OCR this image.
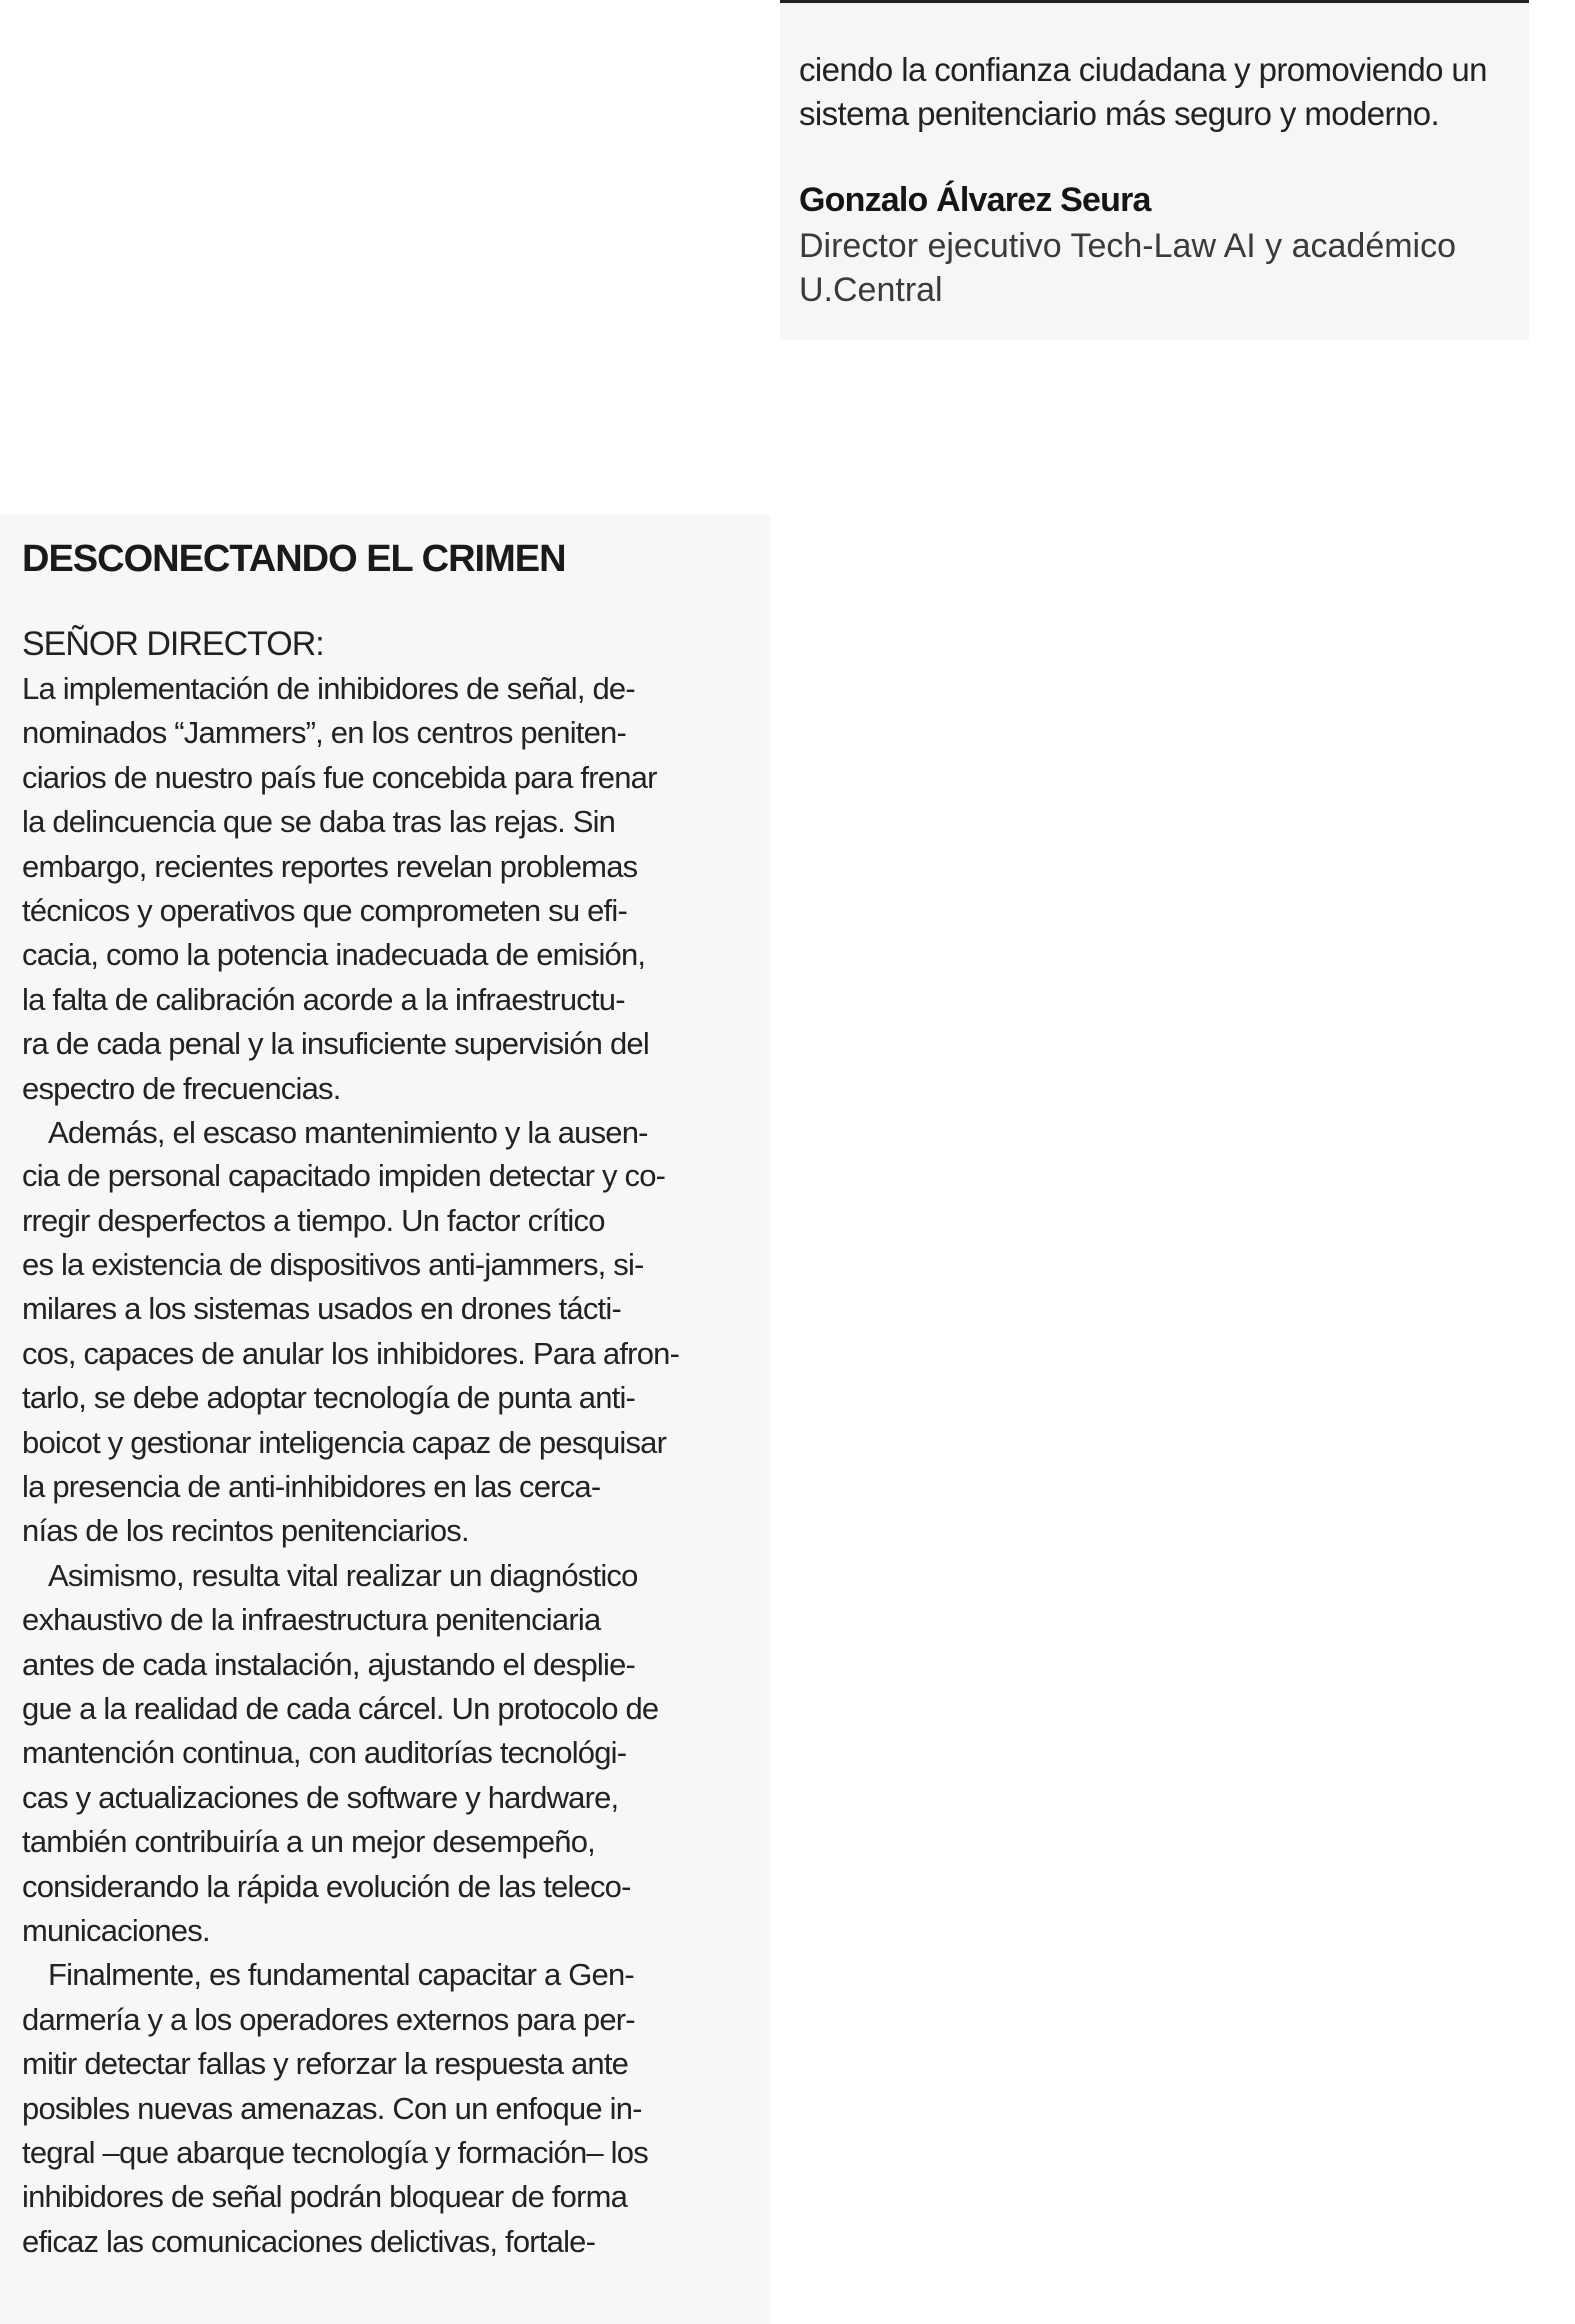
ciendo la confianza ciudadana y promoviendo un
sistema penitenciario más seguro y moderno.
Gonzalo Álvarez Seura
Director ejecutivo Tech-Law AI y académico
U.Central
DESCONECTANDO EL CRIMEN
SEÑOR DIRECTOR:
La implementación de inhibidores de señal, de-
nominados “Jammers”, en los centros peniten-
ciarios de nuestro país fue concebida para frenar
la delincuencia que se daba tras las rejas. Sin
embargo, recientes reportes revelan problemas
técnicos y operativos que comprometen su efi-
cacia, como la potencia inadecuada de emisión,
la falta de calibración acorde a la infraestructu-
ra de cada penal y la insuficiente supervisión del
espectro de frecuencias.
Además, el escaso mantenimiento y la ausen-
cia de personal capacitado impiden detectar y co-
rregir desperfectos a tiempo. Un factor crítico
es la existencia de dispositivos anti-jammers, si-
milares a los sistemas usados en drones tácti-
cos, capaces de anular los inhibidores. Para afron-
tarlo, se debe adoptar tecnología de punta anti-
boicot y gestionar inteligencia capaz de pesquisar
la presencia de anti-inhibidores en las cerca-
nías de los recintos penitenciarios.
Asimismo, resulta vital realizar un diagnóstico
exhaustivo de la infraestructura penitenciaria
antes de cada instalación, ajustando el desplie-
gue a la realidad de cada cárcel. Un protocolo de
mantención continua, con auditorías tecnológi-
cas y actualizaciones de software y hardware,
también contribuiría a un mejor desempeño,
considerando la rápida evolución de las teleco-
municaciones.
Finalmente, es fundamental capacitar a Gen-
darmería y a los operadores externos para per-
mitir detectar fallas y reforzar la respuesta ante
posibles nuevas amenazas. Con un enfoque in-
tegral –que abarque tecnología y formación– los
inhibidores de señal podrán bloquear de forma
eficaz las comunicaciones delictivas, fortale-
